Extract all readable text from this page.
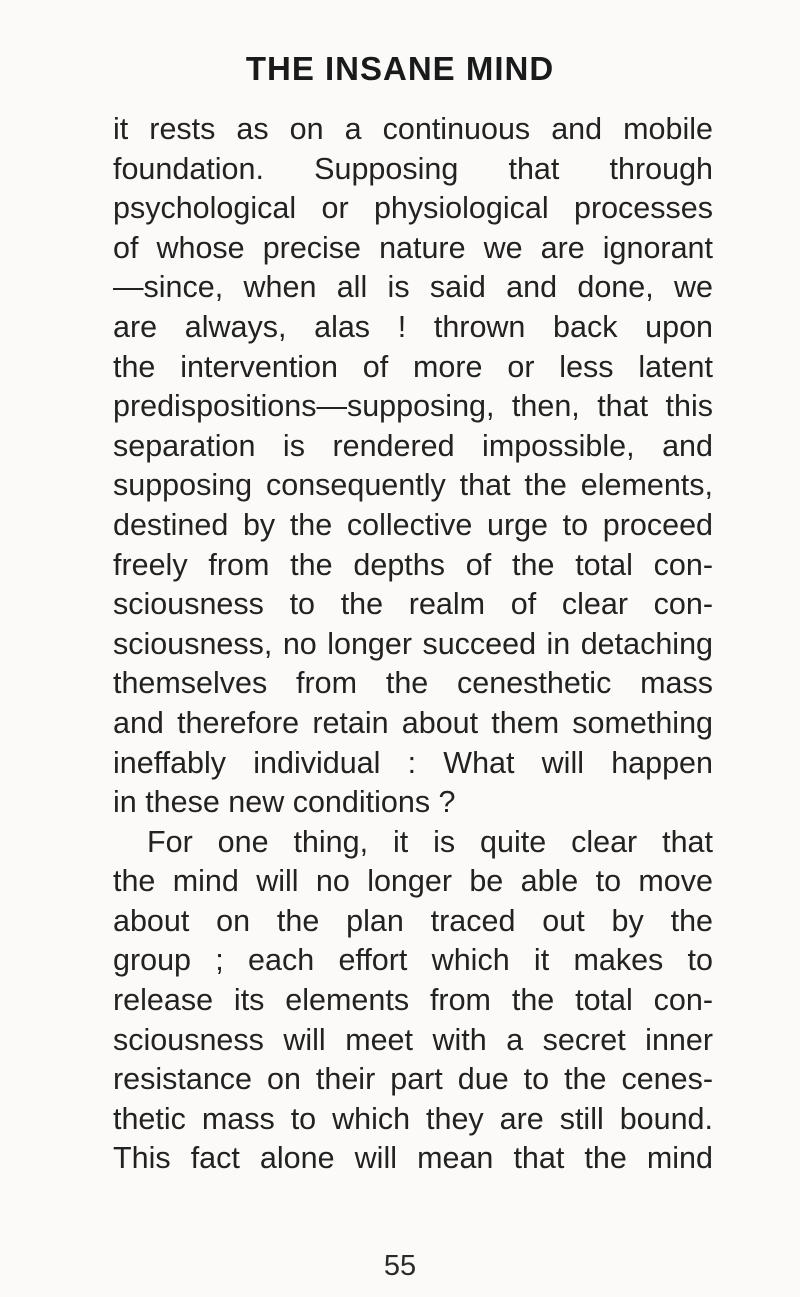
THE INSANE MIND
it rests as on a continuous and mobile
foundation. Supposing that through
psychological or physiological processes
of whose precise nature we are ignorant
—since, when all is said and done, we
are always, alas ! thrown back upon
the intervention of more or less latent
predispositions—supposing, then, that this
separation is rendered impossible, and
supposing consequently that the elements,
destined by the collective urge to proceed
freely from the depths of the total con-
sciousness to the realm of clear con-
sciousness, no longer succeed in detaching
themselves from the cenesthetic mass
and therefore retain about them something
ineffably individual : What will happen
in these new conditions ?
For one thing, it is quite clear that
the mind will no longer be able to move
about on the plan traced out by the
group ; each effort which it makes to
release its elements from the total con-
sciousness will meet with a secret inner
resistance on their part due to the cenes-
thetic mass to which they are still bound.
This fact alone will mean that the mind
55
